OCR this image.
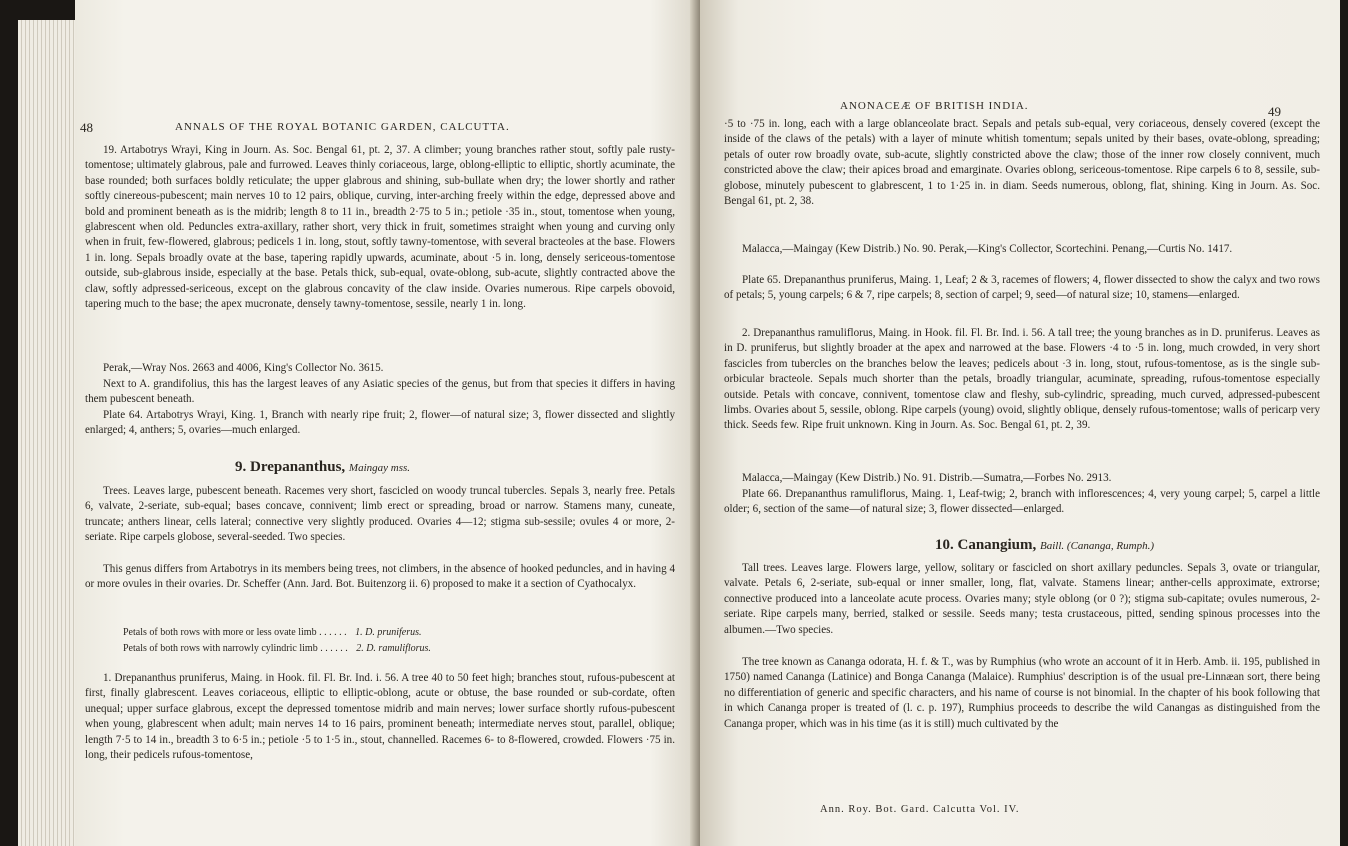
48	ANNALS OF THE ROYAL BOTANIC GARDEN, CALCUTTA.

19. Artabotrys Wrayi, King in Journ. As. Soc. Bengal 61, pt. 2, 37. A climber; young branches rather stout, softly pale rusty-tomentose; ultimately glabrous, pale and furrowed. Leaves thinly coriaceous, large, oblong-elliptic to elliptic, shortly acuminate, the base rounded; both surfaces boldly reticulate; the upper glabrous and shining, sub-bullate when dry; the lower shortly and rather softly cinereous-pubescent; main nerves 10 to 12 pairs, oblique, curving, inter-arching freely within the edge, depressed above and bold and prominent beneath as is the midrib; length 8 to 11 in., breadth 2·75 to 5 in.; petiole ·35 in., stout, tomentose when young, glabrescent when old. Peduncles extra-axillary, rather short, very thick in fruit, sometimes straight when young and curving only when in fruit, few-flowered, glabrous; pedicels 1 in. long, stout, softly tawny-tomentose, with several bracteoles at the base. Flowers 1 in. long. Sepals broadly ovate at the base, tapering rapidly upwards, acuminate, about ·5 in. long, densely sericeous-tomentose outside, sub-glabrous inside, especially at the base. Petals thick, sub-equal, ovate-oblong, sub-acute, slightly contracted above the claw, softly adpressed-sericeous, except on the glabrous concavity of the claw inside. Ovaries numerous. Ripe carpels obovoid, tapering much to the base; the apex mucronate, densely tawny-tomentose, sessile, nearly 1 in. long.

Perak,—Wray Nos. 2663 and 4006, King's Collector No. 3615.

Next to A. grandifolius, this has the largest leaves of any Asiatic species of the genus, but from that species it differs in having them pubescent beneath.

Plate 64. Artabotrys Wrayi, King. 1, Branch with nearly ripe fruit; 2, flower—of natural size; 3, flower dissected and slightly enlarged; 4, anthers; 5, ovaries—much enlarged.

9. Drepananthus, Maingay mss.

Trees. Leaves large, pubescent beneath. Racemes very short, fascicled on woody truncal tubercles. Sepals 3, nearly free. Petals 6, valvate, 2-seriate, sub-equal; bases concave, connivent; limb erect or spreading, broad or narrow. Stamens many, cuneate, truncate; anthers linear, cells lateral; connective very slightly produced. Ovaries 4—12; stigma sub-sessile; ovules 4 or more, 2-seriate. Ripe carpels globose, several-seeded. Two species.

This genus differs from Artabotrys in its members being trees, not climbers, in the absence of hooked peduncles, and in having 4 or more ovules in their ovaries. Dr. Scheffer (Ann. Jard. Bot. Buitenzorg ii. 6) proposed to make it a section of Cyathocalyx.

Petals of both rows with more or less ovate limb . . . . . . 1. D. pruniferus.
Petals of both rows with narrowly cylindric limb . . . . . . 2. D. ramuliflorus.

1. Drepananthus pruniferus, Maing. in Hook. fil. Fl. Br. Ind. i. 56. A tree 40 to 50 feet high; branches stout, rufous-pubescent at first, finally glabrescent. Leaves coriaceous, elliptic to elliptic-oblong, acute or obtuse, the base rounded or sub-cordate, often unequal; upper surface glabrous, except the depressed tomentose midrib and main nerves; lower surface shortly rufous-pubescent when young, glabrescent when adult; main nerves 14 to 16 pairs, prominent beneath; intermediate nerves stout, parallel, oblique; length 7·5 to 14 in., breadth 3 to 6·5 in.; petiole ·5 to 1·5 in., stout, channelled. Racemes 6- to 8-flowered, crowded. Flowers ·75 in. long, their pedicels rufous-tomentose,

ANONACEÆ OF BRITISH INDIA.	49

·5 to ·75 in. long, each with a large oblanceolate bract. Sepals and petals sub-equal, very coriaceous, densely covered (except the inside of the claws of the petals) with a layer of minute whitish tomentum; sepals united by their bases, ovate-oblong, spreading; petals of outer row broadly ovate, sub-acute, slightly constricted above the claw; those of the inner row closely connivent, much constricted above the claw; their apices broad and emarginate. Ovaries oblong, sericeous-tomentose. Ripe carpels 6 to 8, sessile, sub-globose, minutely pubescent to glabrescent, 1 to 1·25 in. in diam. Seeds numerous, oblong, flat, shining. King in Journ. As. Soc. Bengal 61, pt. 2, 38.

Malacca,—Maingay (Kew Distrib.) No. 90. Perak,—King's Collector, Scortechini. Penang,—Curtis No. 1417.

Plate 65. Drepananthus pruniferus, Maing. 1, Leaf; 2 & 3, racemes of flowers; 4, flower dissected to show the calyx and two rows of petals; 5, young carpels; 6 & 7, ripe carpels; 8, section of carpel; 9, seed—of natural size; 10, stamens—enlarged.

2. Drepananthus ramuliflorus, Maing. in Hook. fil. Fl. Br. Ind. i. 56. A tall tree; the young branches as in D. pruniferus. Leaves as in D. pruniferus, but slightly broader at the apex and narrowed at the base. Flowers ·4 to ·5 in. long, much crowded, in very short fascicles from tubercles on the branches below the leaves; pedicels about ·3 in. long, stout, rufous-tomentose, as is the single sub-orbicular bracteole. Sepals much shorter than the petals, broadly triangular, acuminate, spreading, rufous-tomentose especially outside. Petals with concave, connivent, tomentose claw and fleshy, sub-cylindric, spreading, much curved, adpressed-pubescent limbs. Ovaries about 5, sessile, oblong. Ripe carpels (young) ovoid, slightly oblique, densely rufous-tomentose; walls of pericarp very thick. Seeds few. Ripe fruit unknown. King in Journ. As. Soc. Bengal 61, pt. 2, 39.

Malacca,—Maingay (Kew Distrib.) No. 91. Distrib.—Sumatra,—Forbes No. 2913.

Plate 66. Drepananthus ramuliflorus, Maing. 1, Leaf-twig; 2, branch with inflorescences; 4, very young carpel; 5, carpel a little older; 6, section of the same—of natural size; 3, flower dissected—enlarged.

10. Canangium, Baill. (Cananga, Rumph.)

Tall trees. Leaves large. Flowers large, yellow, solitary or fascicled on short axillary peduncles. Sepals 3, ovate or triangular, valvate. Petals 6, 2-seriate, sub-equal or inner smaller, long, flat, valvate. Stamens linear; anther-cells approximate, extrorse; connective produced into a lanceolate acute process. Ovaries many; style oblong (or 0 ?); stigma sub-capitate; ovules numerous, 2-seriate. Ripe carpels many, berried, stalked or sessile. Seeds many; testa crustaceous, pitted, sending spinous processes into the albumen.—Two species.

The tree known as Cananga odorata, H. f. & T., was by Rumphius (who wrote an account of it in Herb. Amb. ii. 195, published in 1750) named Cananga (Latinice) and Bonga Cananga (Malaice). Rumphius' description is of the usual pre-Linnæan sort, there being no differentiation of generic and specific characters, and his name of course is not binomial. In the chapter of his book following that in which Cananga proper is treated of (l. c. p. 197), Rumphius proceeds to describe the wild Canangas as distinguished from the Cananga proper, which was in his time (as it is still) much cultivated by the

Ann. Roy. Bot. Gard. Calcutta Vol. IV.
